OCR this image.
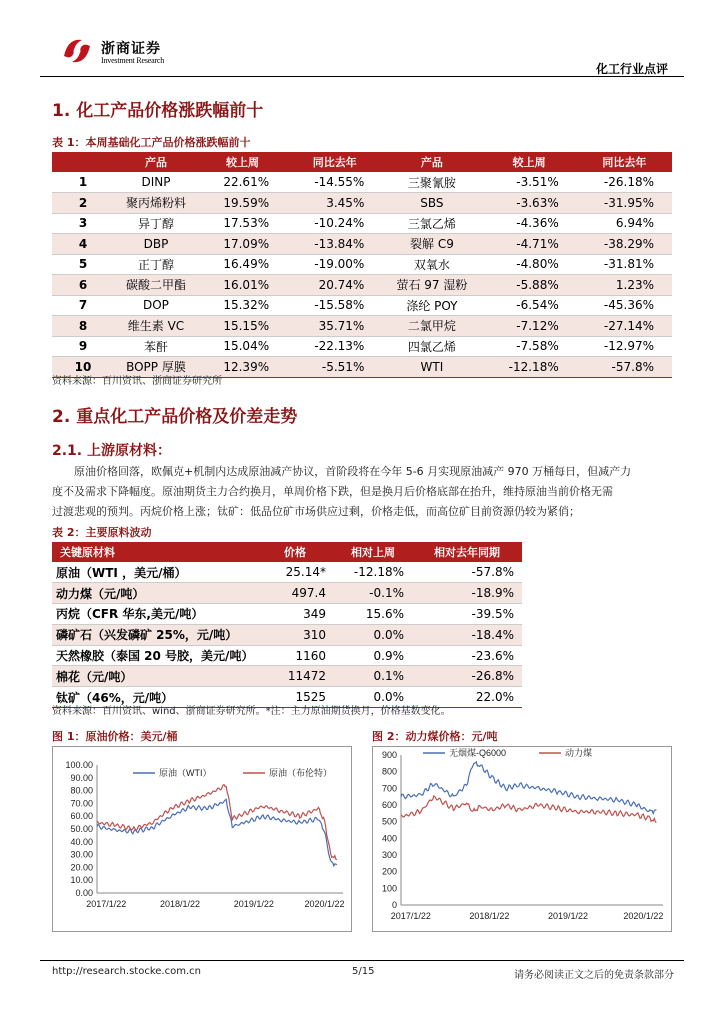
浙商证券
Investment Research
化工行业点评
1. 化工产品价格涨跌幅前十
表 1：本周基础化工产品价格涨跌幅前十
	产品	较上周	同比去年	产品	较上周	同比去年
1	DINP	22.61%	-14.55%	三聚氰胺	-3.51%	-26.18%
2	聚丙烯粉料	19.59%	3.45%	SBS	-3.63%	-31.95%
3	异丁醇	17.53%	-10.24%	三氯乙烯	-4.36%	6.94%
4	DBP	17.09%	-13.84%	裂解 C9	-4.71%	-38.29%
5	正丁醇	16.49%	-19.00%	双氧水	-4.80%	-31.81%
6	碳酸二甲酯	16.01%	20.74%	萤石 97 湿粉	-5.88%	1.23%
7	DOP	15.32%	-15.58%	涤纶 POY	-6.54%	-45.36%
8	维生素 VC	15.15%	35.71%	二氯甲烷	-7.12%	-27.14%
9	苯酐	15.04%	-22.13%	四氯乙烯	-7.58%	-12.97%
10	BOPP 厚膜	12.39%	-5.51%	WTI	-12.18%	-57.8%
资料来源：百川资讯、浙商证券研究所
2. 重点化工产品价格及价差走势
2.1. 上游原材料：
原油价格回落，欧佩克+机制内达成原油减产协议，首阶段将在今年 5-6 月实现原油减产 970 万桶每日，但减产力
度不及需求下降幅度。原油期货主力合约换月，单周价格下跌，但是换月后价格底部在抬升，维持原油当前价格无需
过渡悲观的预判。丙烷价格上涨；钛矿：低品位矿市场供应过剩，价格走低，而高位矿目前资源仍较为紧俏；
表 2：主要原料波动
关键原材料	价格	相对上周	相对去年同期
原油（WTI ，美元/桶）	25.14*	-12.18%	-57.8%
动力煤（元/吨）	497.4	-0.1%	-18.9%
丙烷（CFR 华东,美元/吨）	349	15.6%	-39.5%
磷矿石（兴发磷矿 25%，元/吨）	310	0.0%	-18.4%
天然橡胶（泰国 20 号胶，美元/吨）	1160	0.9%	-23.6%
棉花（元/吨）	11472	0.1%	-26.8%
钛矿（46%，元/吨）	1525	0.0%	22.0%
资料来源：百川资讯、wind、浙商证券研究所。*注：主力原油期货换月，价格基数变化。
图 1：原油价格：美元/桶
0.00
10.00
20.00
30.00
40.00
50.00
60.00
70.00
80.00
90.00
100.00
2017/1/22	2018/1/22	2019/1/22	2020/1/22
原油（WTI）	原油（布伦特）
图 2：动力煤价格：元/吨
0
100
200
300
400
500
600
700
800
900
2017/1/22	2018/1/22	2019/1/22	2020/1/22
无烟煤-Q6000	动力煤
http://research.stocke.com.cn	5/15	请务必阅读正文之后的免责条款部分
